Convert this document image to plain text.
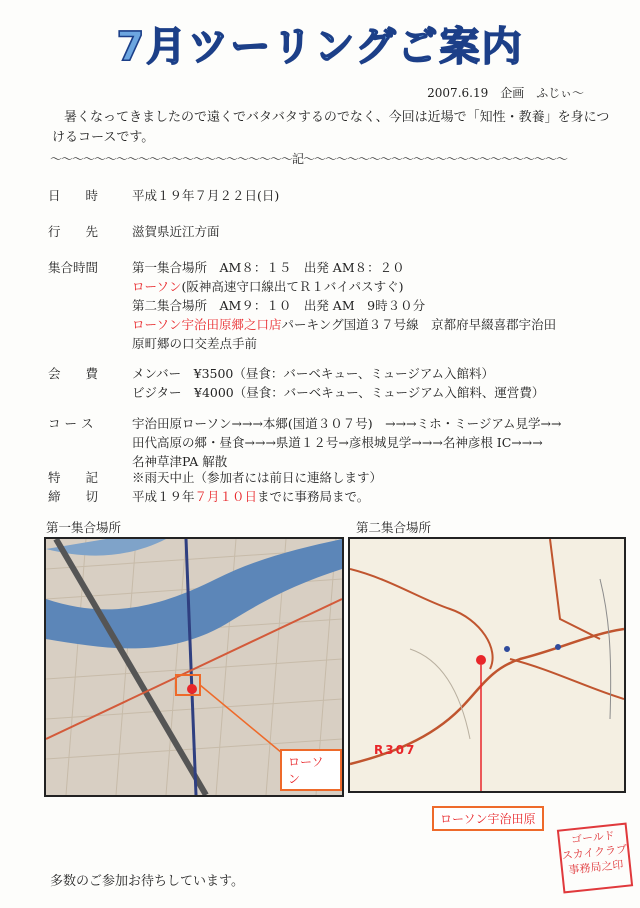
7月ツーリングご案内
2007.6.19　企画　ふじぃ〜
暑くなってきましたので遠くでバタバタするのでなく、今回は近場で「知性・教養」を身につけるコースです。
〜〜〜〜〜〜〜〜〜〜〜〜〜〜〜〜〜〜〜〜〜〜記〜〜〜〜〜〜〜〜〜〜〜〜〜〜〜〜〜〜〜〜〜〜〜〜
日　　時	平成１９年７月２２日(日)
行　　先	滋賀県近江方面
集合時間	第一集合場所　AM８：１５　出発 AM８：２０
ローソン(阪神高速守口線出てＲ１バイパスすぐ)
第二集合場所　AM９：１０　出発 AM　9時３０分
ローソン宇治田原郷之口店パーキング国道３７号線　京都府早綴喜郡宇治田
原町郷の口交差点手前
会　　費	メンバー　¥3500（昼食：バーベキュー、ミュージアム入館料）
ビジター　¥4000（昼食：バーベキュー、ミュージアム入館料、運営費）
コ ー ス	宇治田原ローソン→→→本郷(国道３０７号)　→→→ミホ・ミージアム見学→→
田代高原の郷・昼食→→→県道１２号→彦根城見学→→→名神彦根 IC→→→
名神草津PA 解散
特　　記	※雨天中止（参加者には前日に連絡します）
締　　切	平成１９年７月１０日までに事務局まで。
第一集合場所	第二集合場所
ローソン
R307
ローソン宇治田原
ゴールド
スカイクラブ
事務局之印
多数のご参加お待ちしています。
